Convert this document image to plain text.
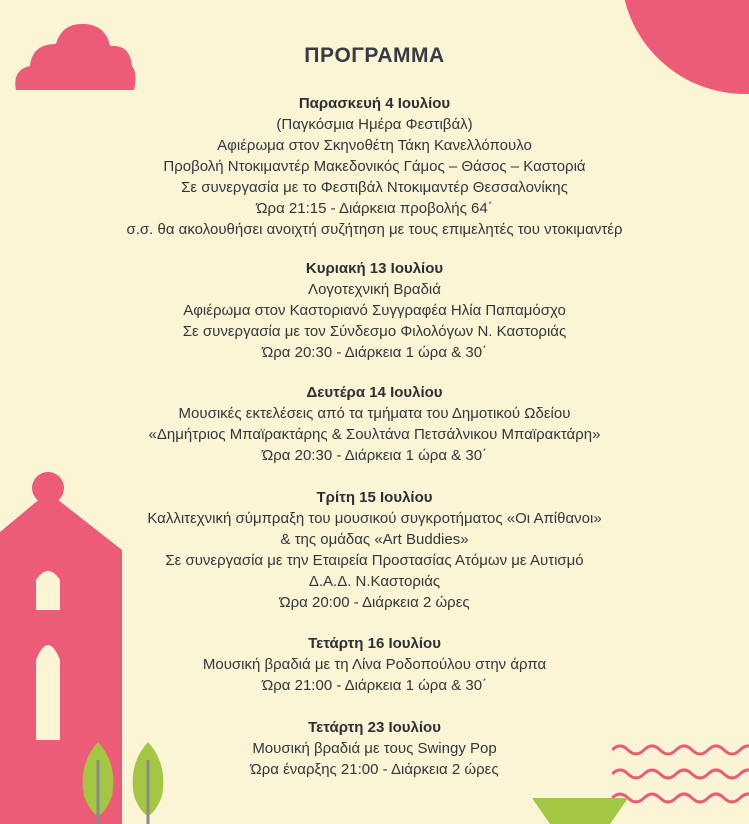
ΠΡΟΓΡΑΜΜΑ
Παρασκευή 4 Ιουλίου
(Παγκόσμια Ημέρα Φεστιβάλ)
Αφιέρωμα στον Σκηνοθέτη Τάκη Κανελλόπουλο
Προβολή Ντοκιμαντέρ Μακεδονικός Γάμος – Θάσος – Καστοριά
Σε συνεργασία με το Φεστιβάλ Ντοκιμαντέρ Θεσσαλονίκης
Ώρα 21:15 - Διάρκεια προβολής 64΄
σ.σ. θα ακολουθήσει ανοιχτή συζήτηση με τους επιμελητές του ντοκιμαντέρ
Κυριακή 13 Ιουλίου
Λογοτεχνική Βραδιά
Αφιέρωμα στον Καστοριανό Συγγραφέα Ηλία Παπαμόσχο
Σε συνεργασία με τον Σύνδεσμο Φιλολόγων Ν. Καστοριάς
Ώρα 20:30 - Διάρκεια 1 ώρα & 30΄
Δευτέρα 14 Ιουλίου
Μουσικές εκτελέσεις από τα τμήματα του Δημοτικού Ωδείου
«Δημήτριος Μπαϊρακτάρης & Σουλτάνα Πετσάλνικου Μπαϊρακτάρη»
Ώρα 20:30 - Διάρκεια 1 ώρα & 30΄
Τρίτη 15 Ιουλίου
Καλλιτεχνική σύμπραξη του μουσικού συγκροτήματος «Οι Απίθανοι»
& της ομάδας «Art Buddies»
Σε συνεργασία με την Εταιρεία Προστασίας Ατόμων με Αυτισμό
Δ.Α.Δ. Ν.Καστοριάς
Ώρα 20:00 - Διάρκεια 2 ώρες
Τετάρτη 16 Ιουλίου
Μουσική βραδιά με τη Λίνα Ροδοπούλου στην άρπα
Ώρα 21:00 - Διάρκεια 1 ώρα & 30΄
Τετάρτη 23 Ιουλίου
Μουσική βραδιά με τους Swingy Pop
Ώρα έναρξης 21:00 - Διάρκεια 2 ώρες
